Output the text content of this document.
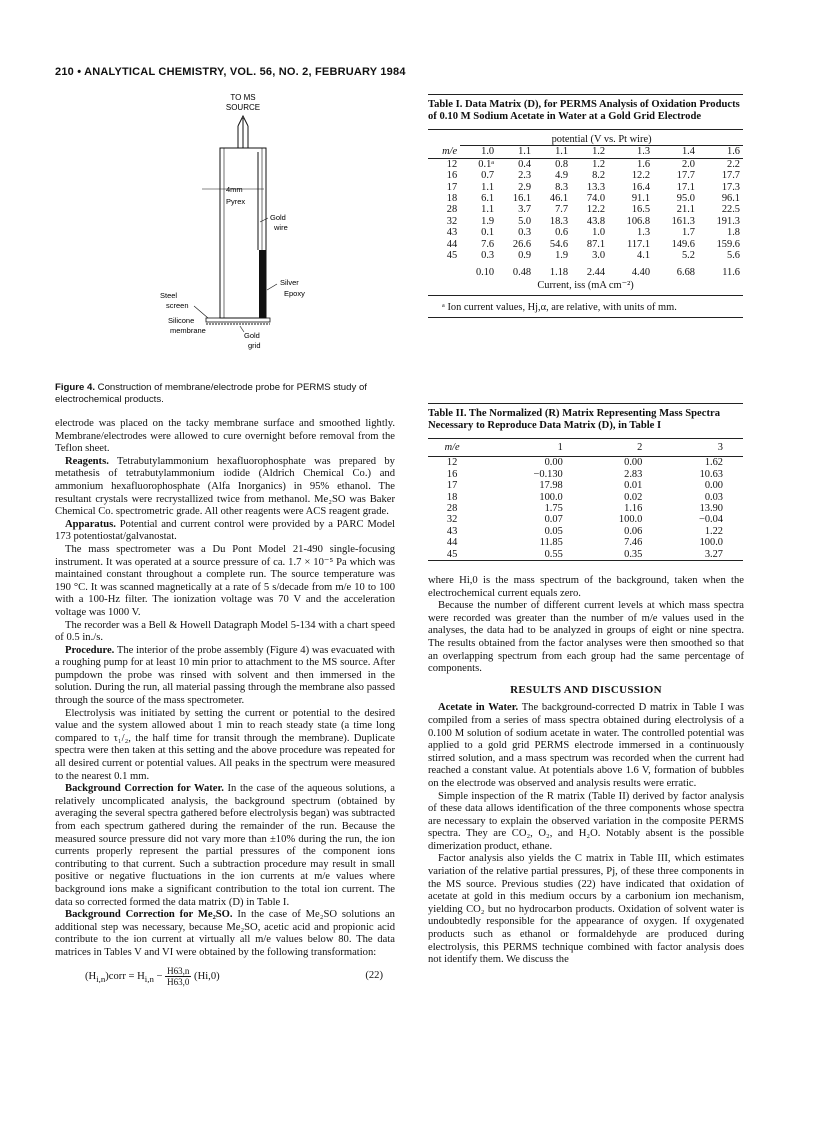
210 • ANALYTICAL CHEMISTRY, VOL. 56, NO. 2, FEBRUARY 1984
TO MS
SOURCE
4mm
Pyrex
Gold
wire
Silver
Epoxy
Steel
screen
Silicone
membrane
Gold
grid
Figure 4. Construction of membrane/electrode probe for PERMS study of electrochemical products.

electrode was placed on the tacky membrane surface and smoothed lightly. Membrane/electrodes were allowed to cure overnight before removal from the Teflon sheet.

Reagents. Tetrabutylammonium hexafluorophosphate was prepared by metathesis of tetrabutylammonium iodide (Aldrich Chemical Co.) and ammonium hexafluorophosphate (Alfa Inorganics) in 95% ethanol. The resultant crystals were recrystallized twice from methanol. Me₂SO was Baker Chemical Co. spectrometric grade. All other reagents were ACS reagent grade.

Apparatus. Potential and current control were provided by a PARC Model 173 potentiostat/galvanostat.

The mass spectrometer was a Du Pont Model 21-490 single-focusing instrument. It was operated at a source pressure of ca. 1.7 × 10⁻⁵ Pa which was maintained constant throughout a complete run. The source temperature was 190 °C. It was scanned magnetically at a rate of 5 s/decade from m/e 10 to 100 with a 100-Hz filter. The ionization voltage was 70 V and the acceleration voltage was 1000 V.

The recorder was a Bell & Howell Datagraph Model 5-134 with a chart speed of 0.5 in./s.

Procedure. The interior of the probe assembly (Figure 4) was evacuated with a roughing pump for at least 10 min prior to attachment to the MS source. After pumpdown the probe was rinsed with solvent and then immersed in the solution. During the run, all material passing through the membrane also passed through the source of the mass spectrometer.

Electrolysis was initiated by setting the current or potential to the desired value and the system allowed about 1 min to reach steady state (a time long compared to τ₁/₂, the half time for transit through the membrane). Duplicate spectra were then taken at this setting and the above procedure was repeated for all desired current or potential values. All peaks in the spectrum were measured to the nearest 0.1 mm.

Background Correction for Water. In the case of the aqueous solutions, a relatively uncomplicated analysis, the background spectrum (obtained by averaging the several spectra gathered before electrolysis began) was subtracted from each spectrum gathered during the remainder of the run. Because the measured source pressure did not vary more than ±10% during the run, the ion currents properly represent the partial pressures of the component ions contributing to that current. Such a subtraction procedure may result in small positive or negative fluctuations in the ion currents at m/e values where background ions make a significant contribution to the total ion current. The data so corrected formed the data matrix (D) in Table I.

Background Correction for Me₂SO. In the case of Me₂SO solutions an additional step was necessary, because Me₂SO, acetic acid and propionic acid contribute to the ion current at virtually all m/e values below 80. The data matrices in Tables V and VI were obtained by the following transformation:

$(H_{i,n})corr = H_{i,n} - \frac{H63,n}{H63,0} (Hi,0)$	(22)
Table I. Data Matrix (D), for PERMS Analysis of Oxidation Products of 0.10 M Sodium Acetate in Water at a Gold Grid Electrode
	potential (V vs. Pt wire)						
m/e	1.0	1.1	1.1	1.2	1.3	1.4	1.6
12	0.1ᵃ	0.4	0.8	1.2	1.6	2.0	2.2
16	0.7	2.3	4.9	8.2	12.2	17.7	17.7
17	1.1	2.9	8.3	13.3	16.4	17.1	17.3
18	6.1	16.1	46.1	74.0	91.1	95.0	96.1
28	1.1	3.7	7.7	12.2	16.5	21.1	22.5
32	1.9	5.0	18.3	43.8	106.8	161.3	191.3
43	0.1	0.3	0.6	1.0	1.3	1.7	1.8
44	7.6	26.6	54.6	87.1	117.1	149.6	159.6
45	0.3	0.9	1.9	3.0	4.1	5.2	5.6
	0.10	0.48	1.18	2.44	4.40	6.68	11.6
Current, iss (mA cm⁻²)
ᵃ Ion current values, Hj,α, are relative, with units of mm.
Table II. The Normalized (R) Matrix Representing Mass Spectra Necessary to Reproduce Data Matrix (D), in Table I
m/e	1	2	3
12	0.00	0.00	1.62
16	−0.130	2.83	10.63
17	17.98	0.01	0.00
18	100.0	0.02	0.03
28	1.75	1.16	13.90
32	0.07	100.0	−0.04
43	0.05	0.06	1.22
44	11.85	7.46	100.0
45	0.55	0.35	3.27

where Hi,0 is the mass spectrum of the background, taken when the electrochemical current equals zero.

Because the number of different current levels at which mass spectra were recorded was greater than the number of m/e values used in the analyses, the data had to be analyzed in groups of eight or nine spectra. The results obtained from the factor analyses were then smoothed so that an overlapping spectrum from each group had the same percentage of components.

RESULTS AND DISCUSSION

Acetate in Water. The background-corrected D matrix in Table I was compiled from a series of mass spectra obtained during electrolysis of a 0.100 M solution of sodium acetate in water. The controlled potential was applied to a gold grid PERMS electrode immersed in a continuously stirred solution, and a mass spectrum was recorded when the current had reached a constant value. At potentials above 1.6 V, formation of bubbles on the electrode was observed and analysis results were erratic.

Simple inspection of the R matrix (Table II) derived by factor analysis of these data allows identification of the three components whose spectra are necessary to explain the observed variation in the composite PERMS spectra. They are CO₂, O₂, and H₂O. Notably absent is the possible dimerization product, ethane.

Factor analysis also yields the C matrix in Table III, which estimates variation of the relative partial pressures, Pj, of these three components in the MS source. Previous studies (22) have indicated that oxidation of acetate at gold in this medium occurs by a carbonium ion mechanism, yielding CO₂ but no hydrocarbon products. Oxidation of solvent water is undoubtedly responsible for the appearance of oxygen. If oxygenated products such as ethanol or formaldehyde are produced during electrolysis, this PERMS technique combined with factor analysis does not identify them. We discuss the
